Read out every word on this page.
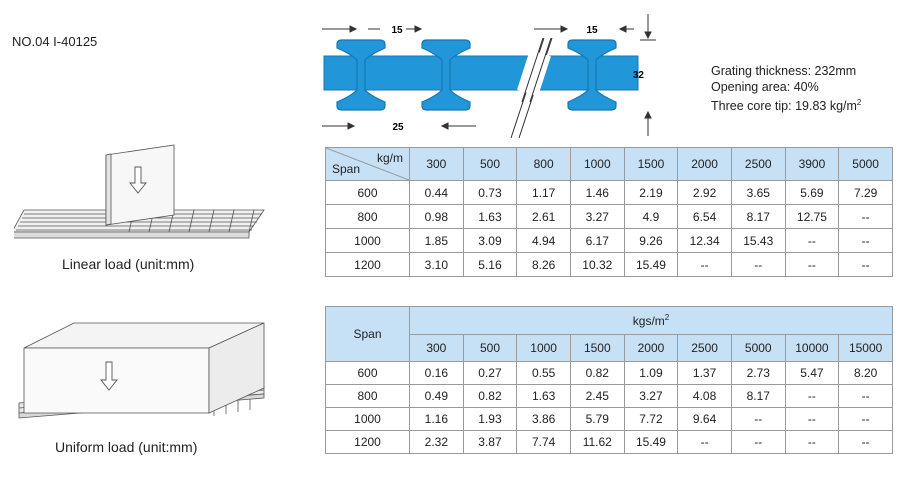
NO.04 I-40125
Linear load (unit:mm)
Uniform load (unit:mm)
15	15
32
25
Grating thickness: 232mm
Opening area: 40%
Three core tip: 19.83 $kg/m^2$
kg/m
Span	300	500	800	1000	1500	2000	2500	3900	5000
600	0.44	0.73	1.17	1.46	2.19	2.92	3.65	5.69	7.29
800	0.98	1.63	2.61	3.27	4.9	6.54	8.17	12.75	--
1000	1.85	3.09	4.94	6.17	9.26	12.34	15.43	--	--
1200	3.10	5.16	8.26	10.32	15.49	--	--	--	--
Span	kgs/$m^2$
	300	500	1000	1500	2000	2500	5000	10000	15000
600	0.16	0.27	0.55	0.82	1.09	1.37	2.73	5.47	8.20
800	0.49	0.82	1.63	2.45	3.27	4.08	8.17	--	--
1000	1.16	1.93	3.86	5.79	7.72	9.64	--	--	--
1200	2.32	3.87	7.74	11.62	15.49	--	--	--	--
